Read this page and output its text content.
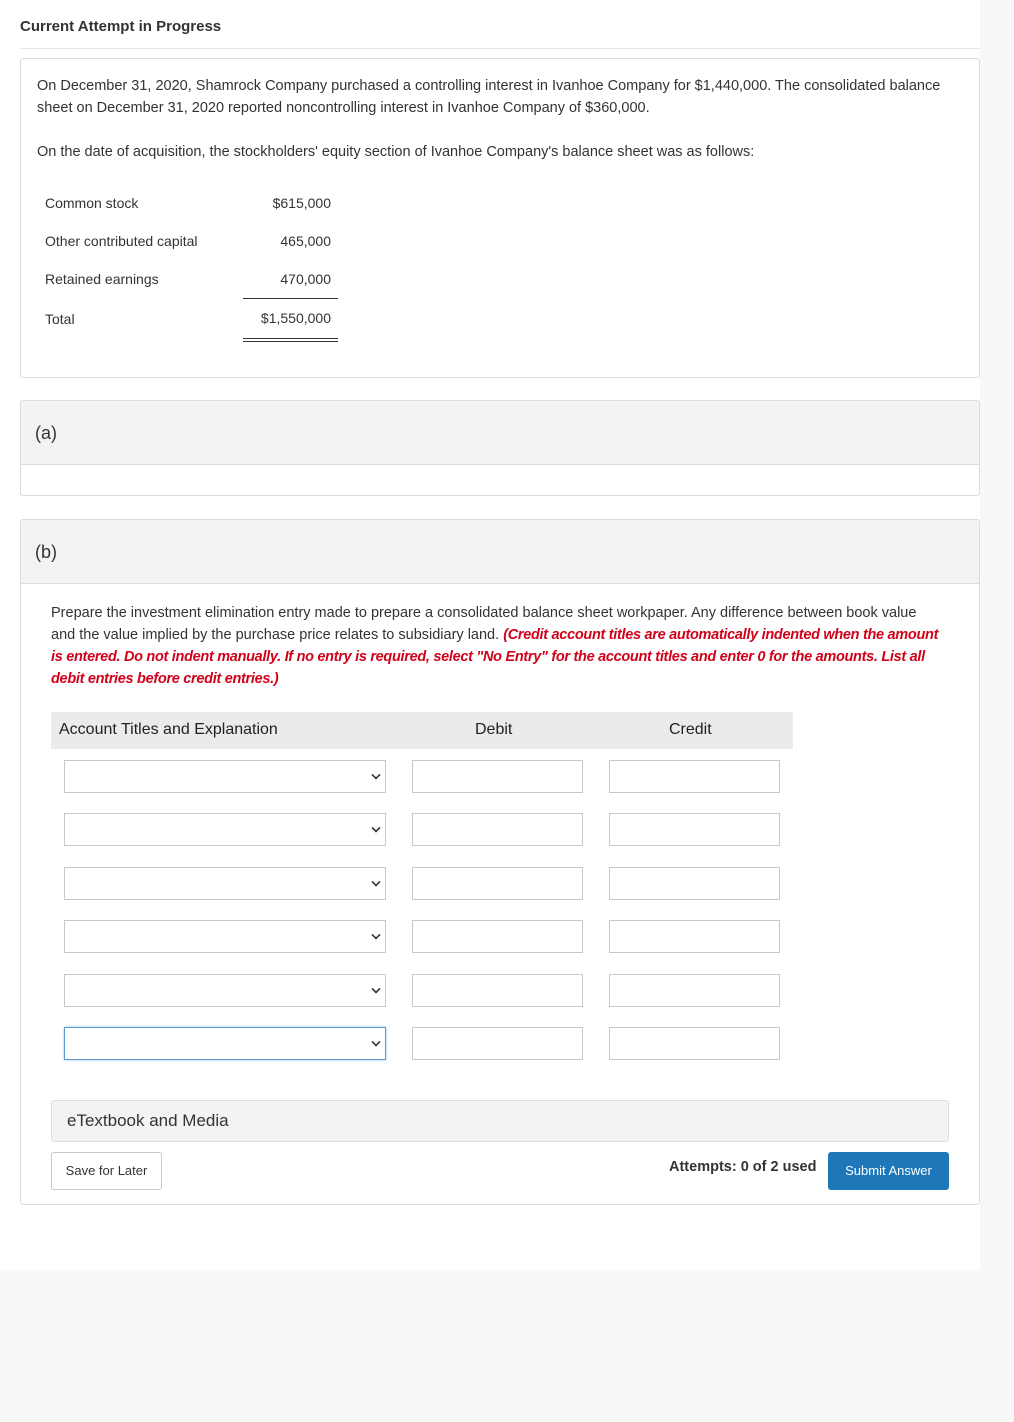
Current Attempt in Progress
On December 31, 2020, Shamrock Company purchased a controlling interest in Ivanhoe Company for $1,440,000. The consolidated balance sheet on December 31, 2020 reported noncontrolling interest in Ivanhoe Company of $360,000.
On the date of acquisition, the stockholders' equity section of Ivanhoe Company's balance sheet was as follows:
Common stock	$615,000
Other contributed capital	465,000
Retained earnings	470,000
Total	$1,550,000
(a)
(b)
Prepare the investment elimination entry made to prepare a consolidated balance sheet workpaper. Any difference between book value and the value implied by the purchase price relates to subsidiary land. (Credit account titles are automatically indented when the amount is entered. Do not indent manually. If no entry is required, select "No Entry" for the account titles and enter 0 for the amounts. List all debit entries before credit entries.)
Account Titles and Explanation	Debit	Credit
eTextbook and Media
Save for Later	Attempts: 0 of 2 used	Submit Answer
